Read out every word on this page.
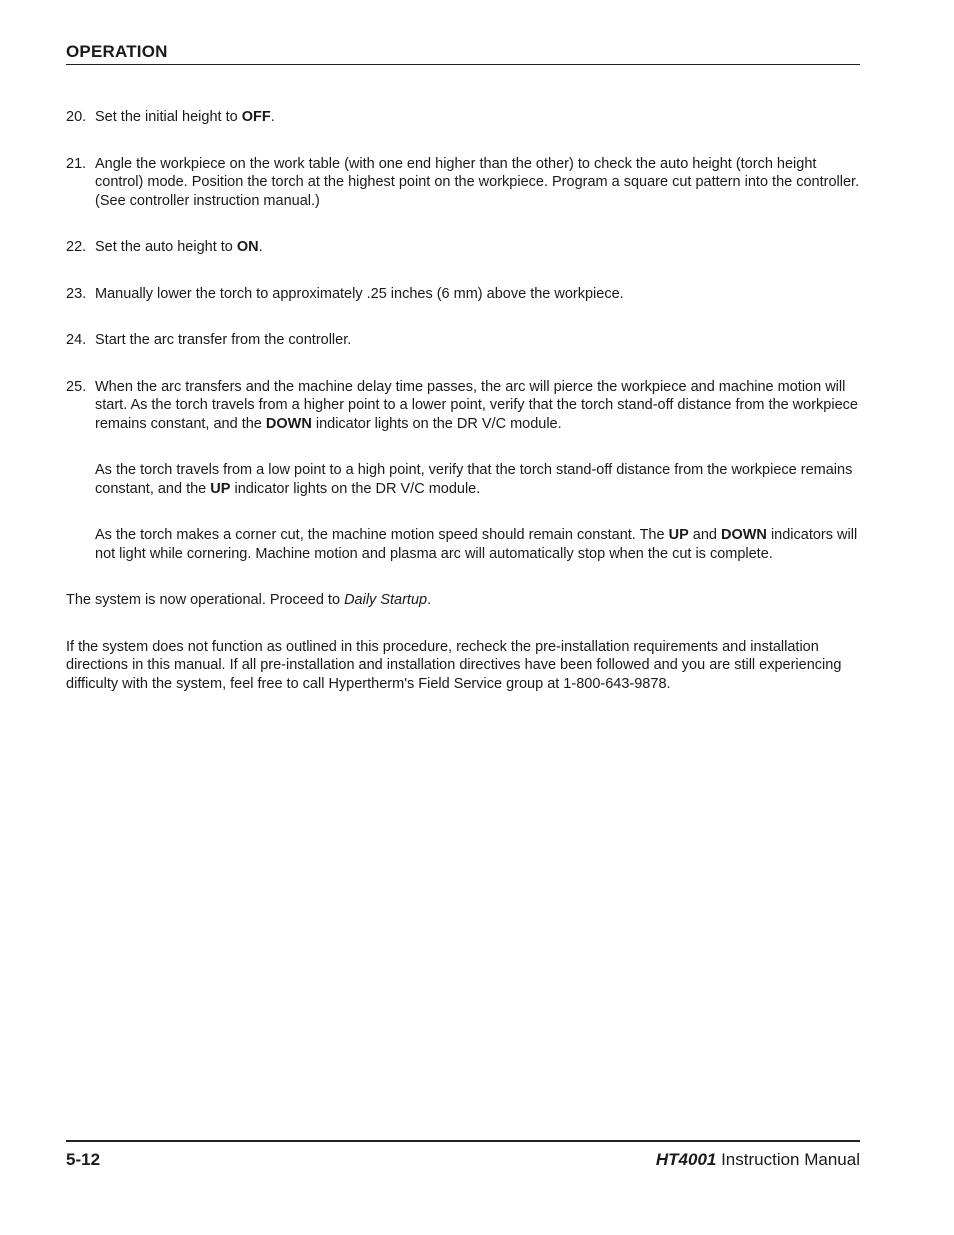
OPERATION
20. Set the initial height to OFF.
21. Angle the workpiece on the work table (with one end higher than the other) to check the auto height (torch height control) mode. Position the torch at the highest point on the workpiece. Program a square cut pattern into the controller. (See controller instruction manual.)
22. Set the auto height to ON.
23. Manually lower the torch to approximately .25 inches (6 mm) above the workpiece.
24. Start the arc transfer from the controller.
25. When the arc transfers and the machine delay time passes, the arc will pierce the workpiece and machine motion will start. As the torch travels from a higher point to a lower point, verify that the torch stand-off distance from the workpiece remains constant, and the DOWN indicator lights on the DR V/C module.
As the torch travels from a low point to a high point, verify that the torch stand-off distance from the workpiece remains constant, and the UP indicator lights on the DR V/C module.
As the torch makes a corner cut, the machine motion speed should remain constant. The UP and DOWN indicators will not light while cornering. Machine motion and plasma arc will automatically stop when the cut is complete.
The system is now operational. Proceed to Daily Startup.
If the system does not function as outlined in this procedure, recheck the pre-installation requirements and installation directions in this manual. If all pre-installation and installation directives have been followed and you are still experiencing difficulty with the system, feel free to call Hypertherm's Field Service group at 1-800-643-9878.
5-12	HT4001 Instruction Manual
